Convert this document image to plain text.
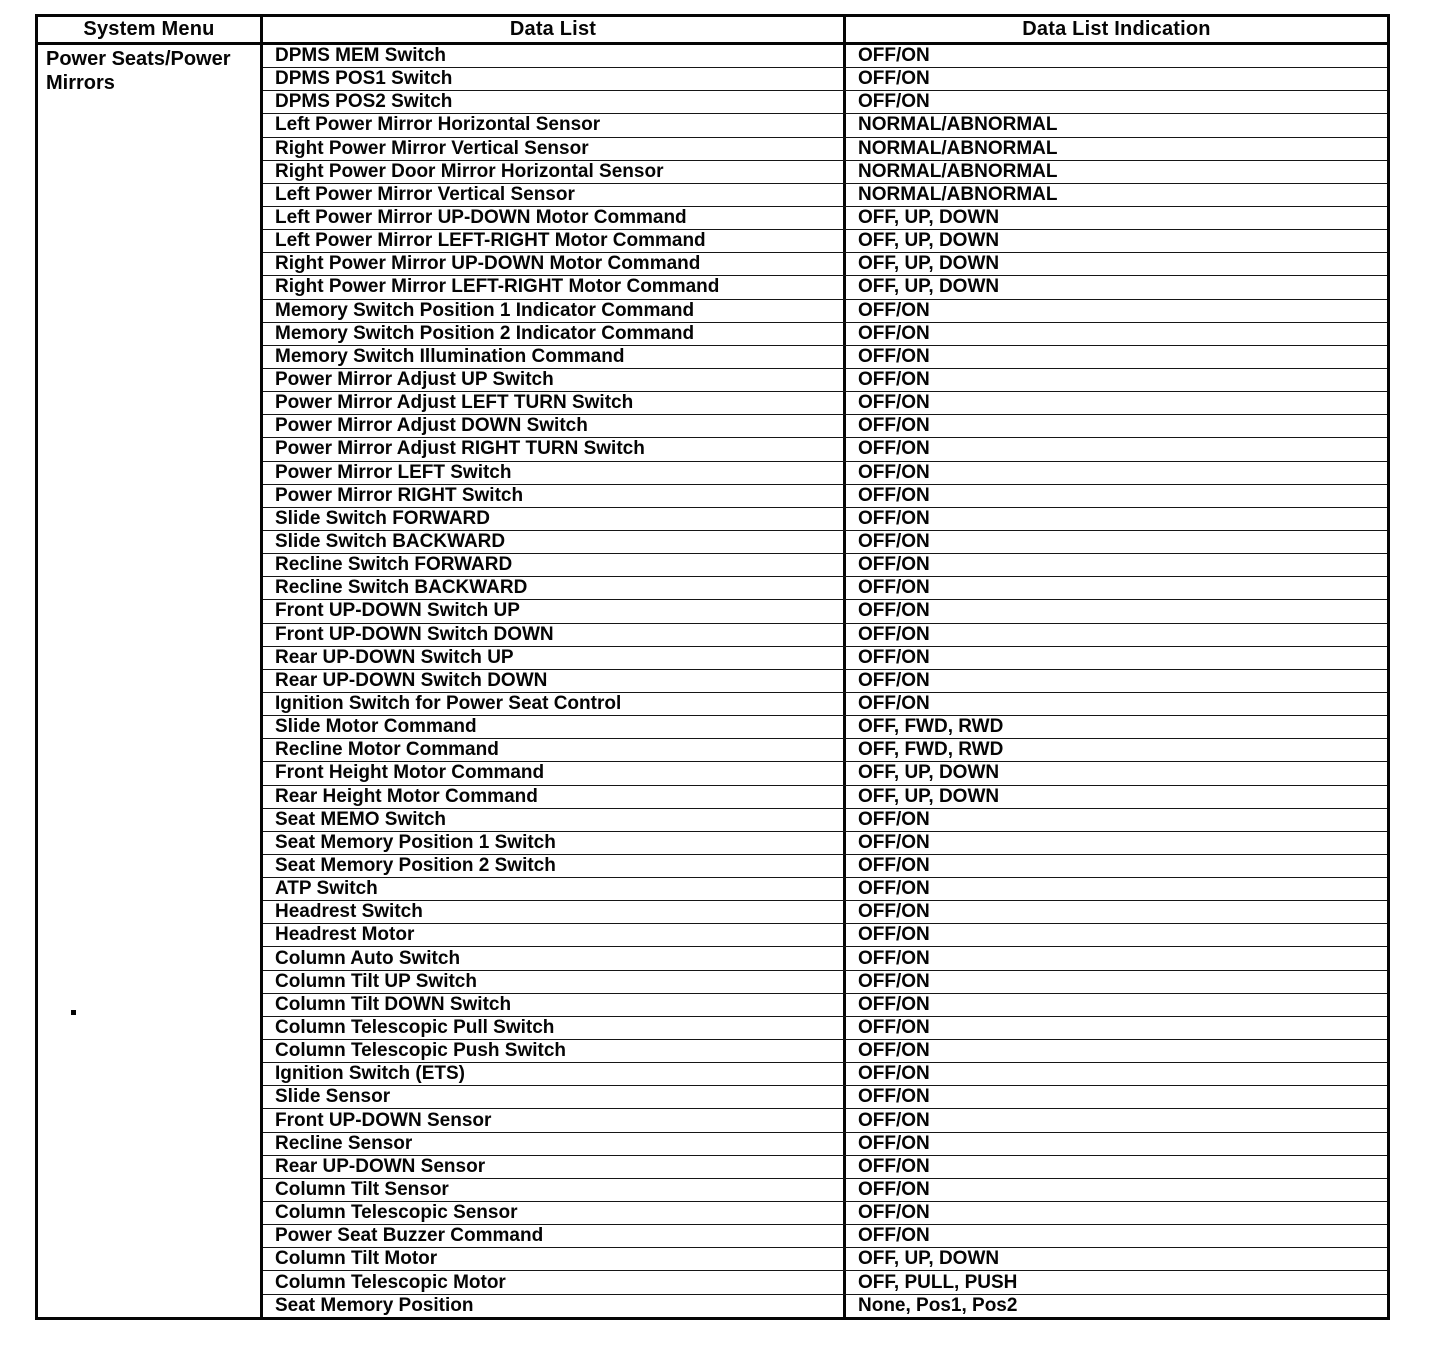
System Menu	Data List	Data List Indication
Power Seats/Power Mirrors
DPMS MEM Switch	OFF/ON
DPMS POS1 Switch	OFF/ON
DPMS POS2 Switch	OFF/ON
Left Power Mirror Horizontal Sensor	NORMAL/ABNORMAL
Right Power Mirror Vertical Sensor	NORMAL/ABNORMAL
Right Power Door Mirror Horizontal Sensor	NORMAL/ABNORMAL
Left Power Mirror Vertical Sensor	NORMAL/ABNORMAL
Left Power Mirror UP-DOWN Motor Command	OFF, UP, DOWN
Left Power Mirror LEFT-RIGHT Motor Command	OFF, UP, DOWN
Right Power Mirror UP-DOWN Motor Command	OFF, UP, DOWN
Right Power Mirror LEFT-RIGHT Motor Command	OFF, UP, DOWN
Memory Switch Position 1 Indicator Command	OFF/ON
Memory Switch Position 2 Indicator Command	OFF/ON
Memory Switch Illumination Command	OFF/ON
Power Mirror Adjust UP Switch	OFF/ON
Power Mirror Adjust LEFT TURN Switch	OFF/ON
Power Mirror Adjust DOWN Switch	OFF/ON
Power Mirror Adjust RIGHT TURN Switch	OFF/ON
Power Mirror LEFT Switch	OFF/ON
Power Mirror RIGHT Switch	OFF/ON
Slide Switch FORWARD	OFF/ON
Slide Switch BACKWARD	OFF/ON
Recline Switch FORWARD	OFF/ON
Recline Switch BACKWARD	OFF/ON
Front UP-DOWN Switch UP	OFF/ON
Front UP-DOWN Switch DOWN	OFF/ON
Rear UP-DOWN Switch UP	OFF/ON
Rear UP-DOWN Switch DOWN	OFF/ON
Ignition Switch for Power Seat Control	OFF/ON
Slide Motor Command	OFF, FWD, RWD
Recline Motor Command	OFF, FWD, RWD
Front Height Motor Command	OFF, UP, DOWN
Rear Height Motor Command	OFF, UP, DOWN
Seat MEMO Switch	OFF/ON
Seat Memory Position 1 Switch	OFF/ON
Seat Memory Position 2 Switch	OFF/ON
ATP Switch	OFF/ON
Headrest Switch	OFF/ON
Headrest Motor	OFF/ON
Column Auto Switch	OFF/ON
Column Tilt UP Switch	OFF/ON
Column Tilt DOWN Switch	OFF/ON
Column Telescopic Pull Switch	OFF/ON
Column Telescopic Push Switch	OFF/ON
Ignition Switch (ETS)	OFF/ON
Slide Sensor	OFF/ON
Front UP-DOWN Sensor	OFF/ON
Recline Sensor	OFF/ON
Rear UP-DOWN Sensor	OFF/ON
Column Tilt Sensor	OFF/ON
Column Telescopic Sensor	OFF/ON
Power Seat Buzzer Command	OFF/ON
Column Tilt Motor	OFF, UP, DOWN
Column Telescopic Motor	OFF, PULL, PUSH
Seat Memory Position	None, Pos1, Pos2
